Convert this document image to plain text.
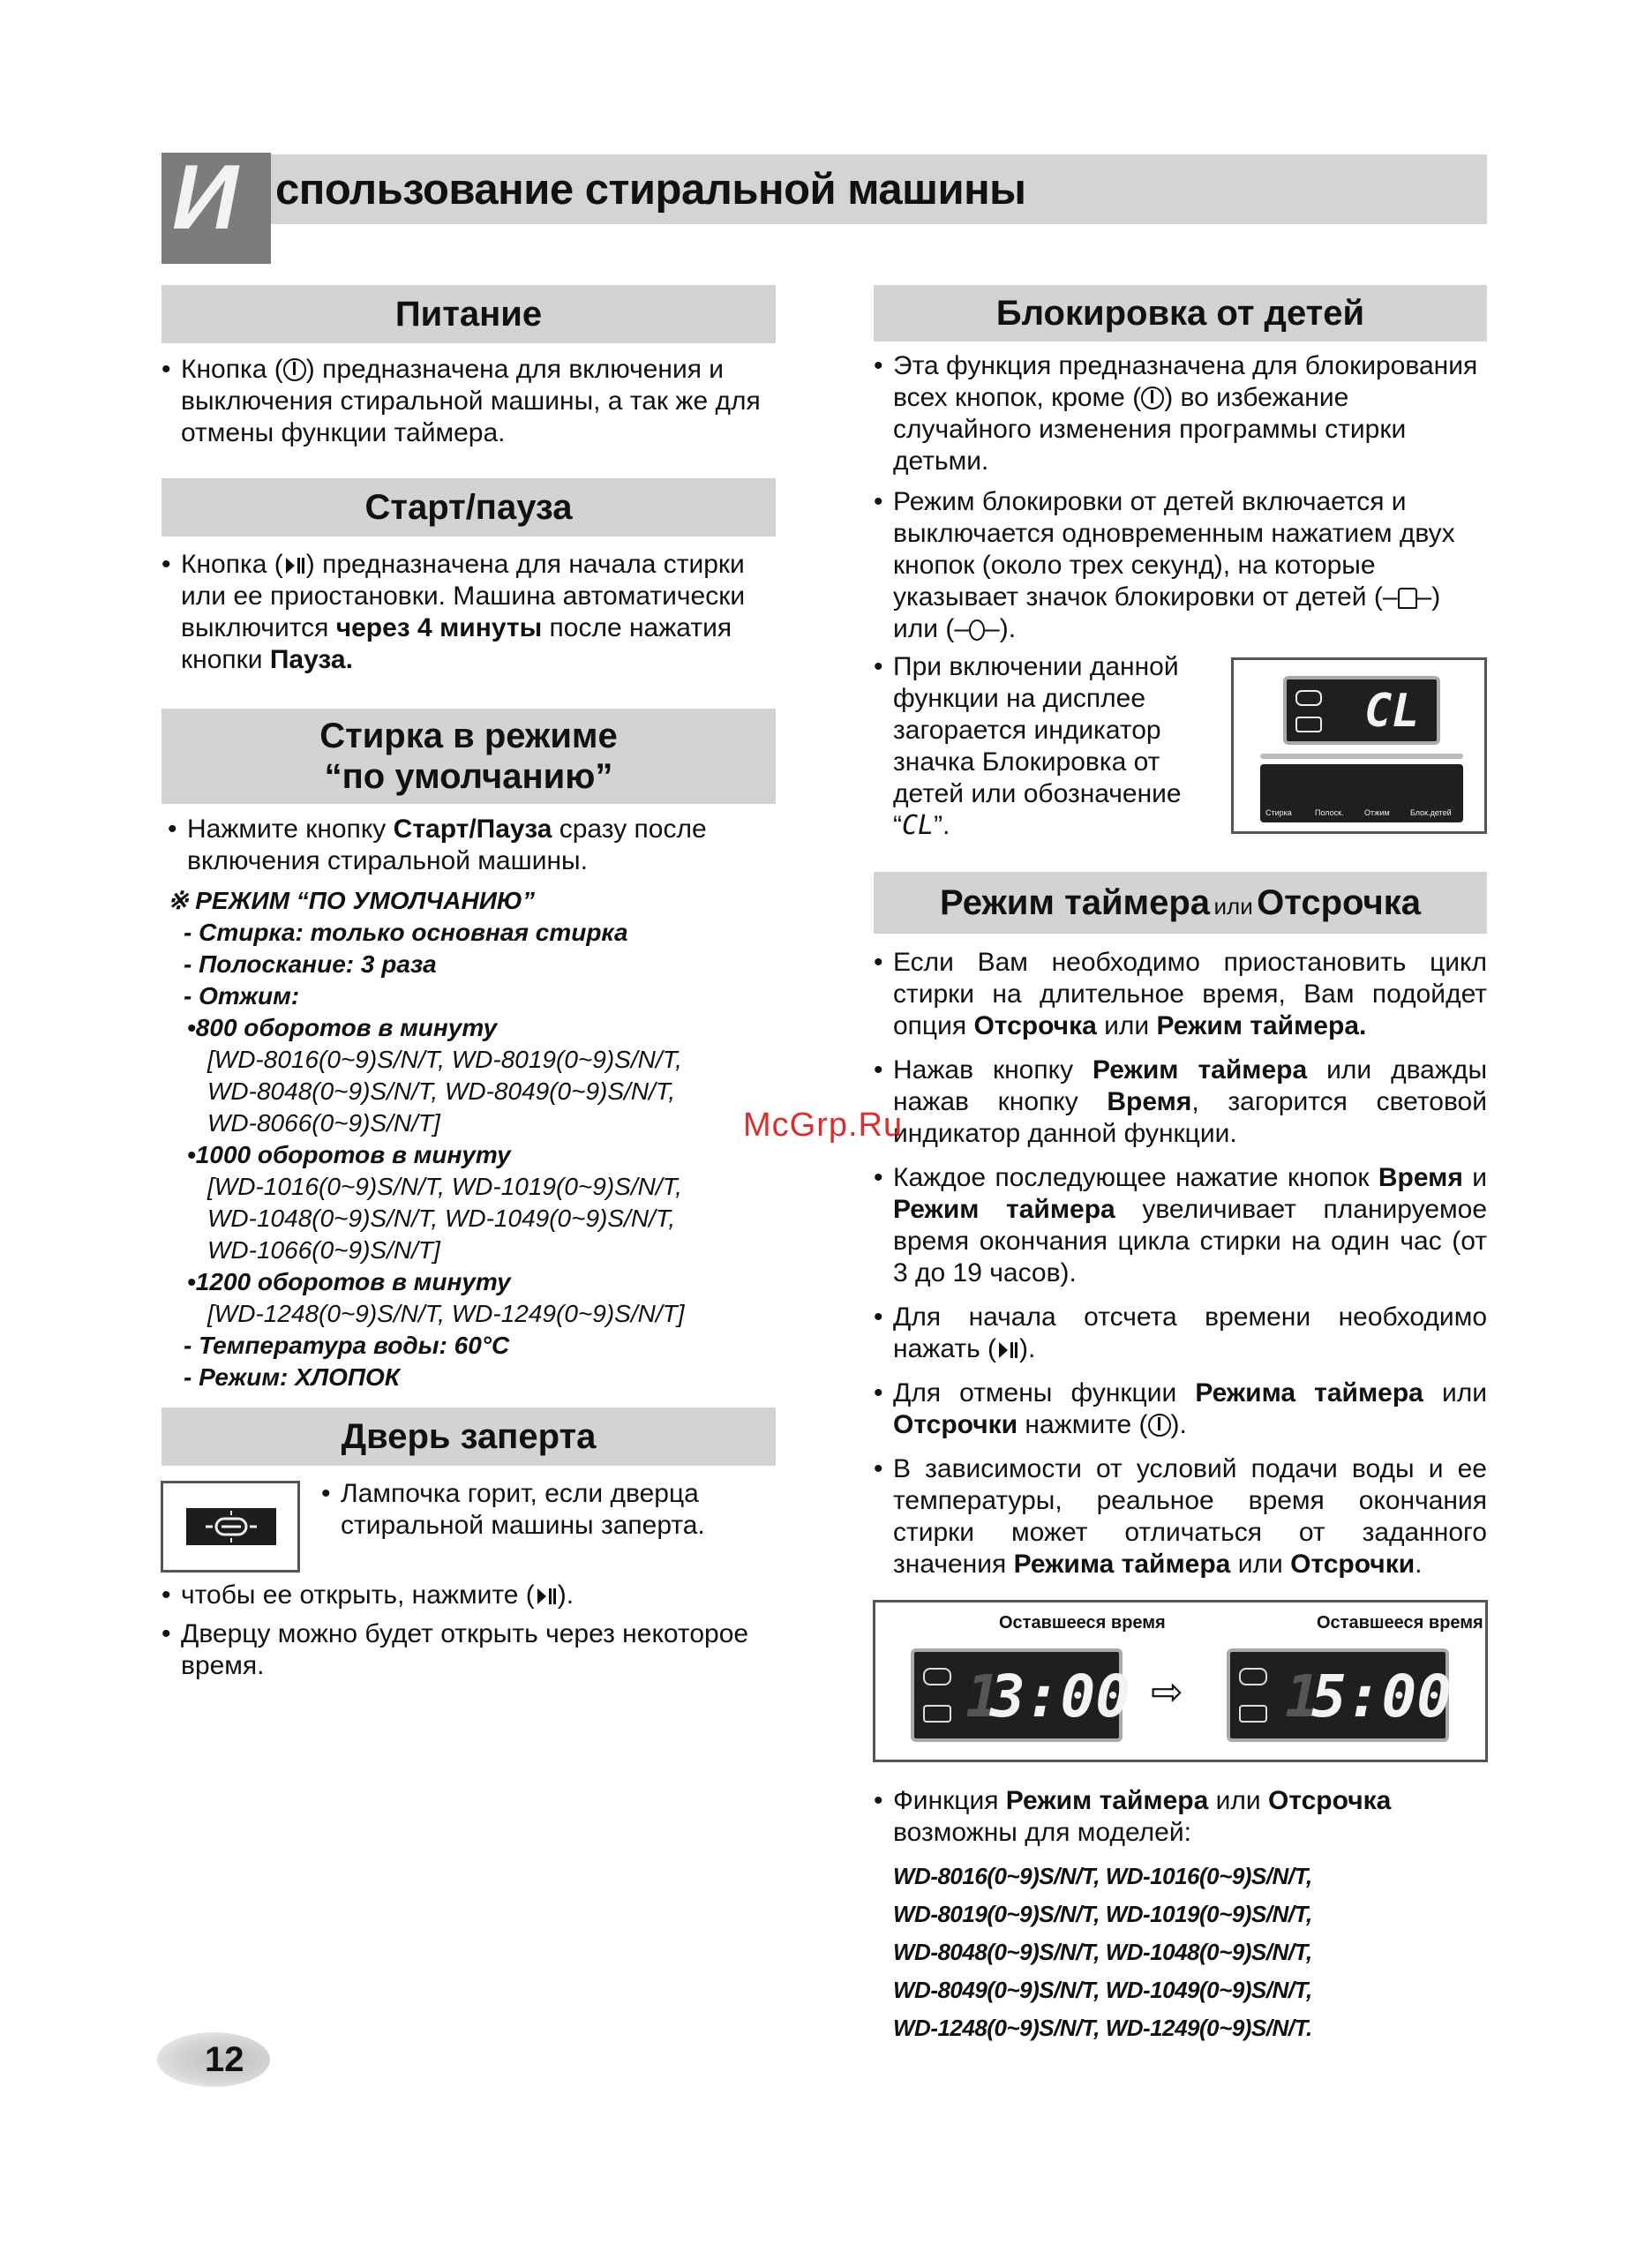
И спользование стиральной машины
Питание
• Кнопка ( ) предназначена для включения и выключения стиральной машины, а так же для отмены функции таймера.
Старт/пауза
• Кнопка ( ) предназначена для начала стирки или ее приостановки. Машина автоматически выключится через 4 минуты после нажатия кнопки Пауза.
Стирка в режиме
“по умолчанию”
• Нажмите кнопку Старт/Пауза сразу после включения стиральной машины.
※ РЕЖИМ “ПО УМОЛЧАНИЮ”
- Стирка: только основная стирка
- Полоскание: 3 раза
- Отжим:
•800 оборотов в минуту
[WD-8016(0~9)S/N/T, WD-8019(0~9)S/N/T,
WD-8048(0~9)S/N/T, WD-8049(0~9)S/N/T,
WD-8066(0~9)S/N/T]
•1000 оборотов в минуту
[WD-1016(0~9)S/N/T, WD-1019(0~9)S/N/T,
WD-1048(0~9)S/N/T, WD-1049(0~9)S/N/T,
WD-1066(0~9)S/N/T]
•1200 оборотов в минуту
[WD-1248(0~9)S/N/T, WD-1249(0~9)S/N/T]
- Температура воды: 60°C
- Режим: ХЛОПОК
Дверь заперта
• Лампочка горит, если дверца стиральной машины заперта.
• чтобы ее открыть, нажмите ( ).
• Дверцу можно будет открыть через некоторое время.
Блокировка от детей
• Эта функция предназначена для блокирования всех кнопок, кроме ( ) во избежание случайного изменения программы стирки детьми.
• Режим блокировки от детей включается и выключается одновременным нажатием двух кнопок (около трех секунд), на которые указывает значок блокировки от детей (– –) или (– –).
• При включении данной функции на дисплее загорается индикатор значка Блокировка от детей или обозначение “CL”.
CL
Стирка	Полоск.	Отжим	Блок.детей
Режим таймера или Отсрочка
• Если Вам необходимо приостановить цикл стирки на длительное время, Вам подойдет опция Отсрочка или Режим таймера.
• Нажав кнопку Режим таймера или дважды нажав кнопку Время, загорится световой индикатор данной функции.
• Каждое последующее нажатие кнопок Время и Режим таймера увеличивает планируемое время окончания цикла стирки на один час (от 3 до 19 часов).
• Для начала отсчета времени необходимо нажать ( ).
• Для отмены функции Режима таймера или Отсрочки нажмите ( ).
• В зависимости от условий подачи воды и ее температуры, реальное время окончания стирки может отличаться от заданного значения Режима таймера или Отсрочки.
Оставшееся время	Оставшееся время
1
3:00 ⇨ 1
5:00
• Финкция Режим таймера или Отсрочка возможны для моделей:
WD-8016(0~9)S/N/T, WD-1016(0~9)S/N/T,
WD-8019(0~9)S/N/T, WD-1019(0~9)S/N/T,
WD-8048(0~9)S/N/T, WD-1048(0~9)S/N/T,
WD-8049(0~9)S/N/T, WD-1049(0~9)S/N/T,
WD-1248(0~9)S/N/T, WD-1249(0~9)S/N/T.
McGrp.Ru
12
